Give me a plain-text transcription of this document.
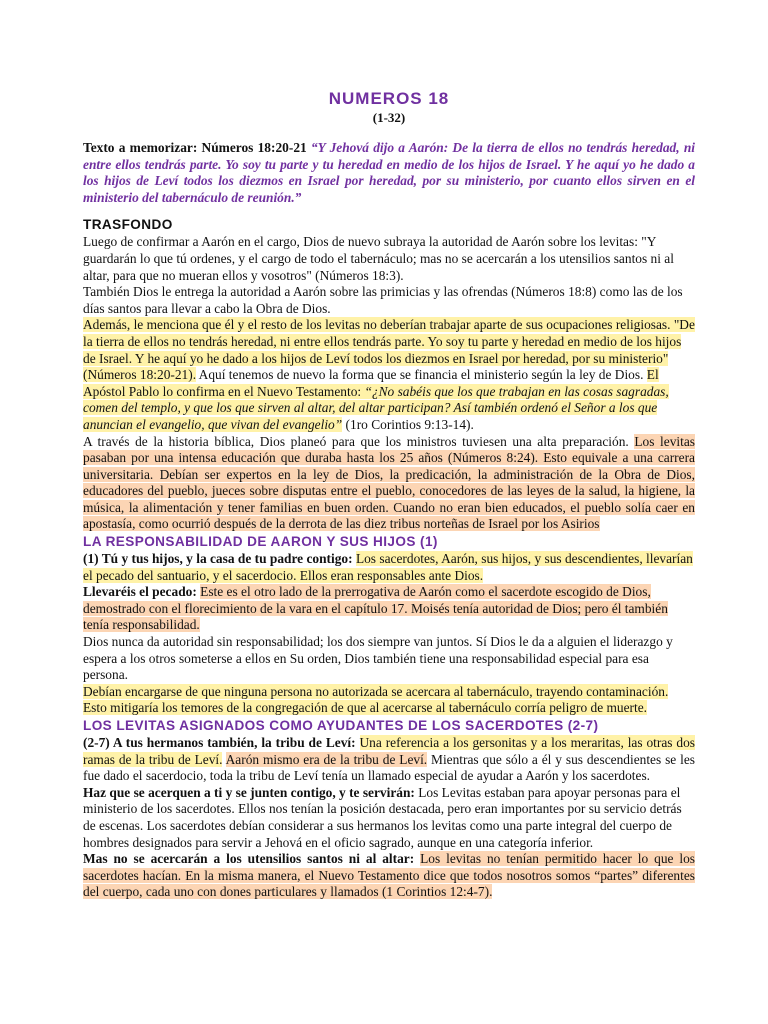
NUMEROS 18

(1-32)

Texto a memorizar: Números 18:20-21 “Y Jehová dijo a Aarón: De la tierra de ellos no tendrás heredad, ni entre ellos tendrás parte. Yo soy tu parte y tu heredad en medio de los hijos de Israel. Y he aquí yo he dado a los hijos de Leví todos los diezmos en Israel por heredad, por su ministerio, por cuanto ellos sirven en el ministerio del tabernáculo de reunión.”

TRASFONDO

Luego de confirmar a Aarón en el cargo, Dios de nuevo subraya la autoridad de Aarón sobre los levitas: "Y guardarán lo que tú ordenes, y el cargo de todo el tabernáculo; mas no se acercarán a los utensilios santos ni al altar, para que no mueran ellos y vosotros" (Números 18:3).

También Dios le entrega la autoridad a Aarón sobre las primicias y las ofrendas (Números 18:8) como las de los días santos para llevar a cabo la Obra de Dios.

Además, le menciona que él y el resto de los levitas no deberían trabajar aparte de sus ocupaciones religiosas. "De la tierra de ellos no tendrás heredad, ni entre ellos tendrás parte. Yo soy tu parte y heredad en medio de los hijos de Israel. Y he aquí yo he dado a los hijos de Leví todos los diezmos en Israel por heredad, por su ministerio" (Números 18:20-21). Aquí tenemos de nuevo la forma que se financia el ministerio según la ley de Dios. El Apóstol Pablo lo confirma en el Nuevo Testamento: “¿No sabéis que los que trabajan en las cosas sagradas, comen del templo, y que los que sirven al altar, del altar participan? Así también ordenó el Señor a los que anuncian el evangelio, que vivan del evangelio” (1ro Corintios 9:13-14).

A través de la historia bíblica, Dios planeó para que los ministros tuviesen una alta preparación. Los levitas pasaban por una intensa educación que duraba hasta los 25 años (Números 8:24). Esto equivale a una carrera universitaria. Debían ser expertos en la ley de Dios, la predicación, la administración de la Obra de Dios, educadores del pueblo, jueces sobre disputas entre el pueblo, conocedores de las leyes de la salud, la higiene, la música, la alimentación y tener familias en buen orden. Cuando no eran bien educados, el pueblo solía caer en apostasía, como ocurrió después de la derrota de las diez tribus norteñas de Israel por los Asirios

LA RESPONSABILIDAD DE AARON Y SUS HIJOS (1)

(1) Tú y tus hijos, y la casa de tu padre contigo: Los sacerdotes, Aarón, sus hijos, y sus descendientes, llevarían el pecado del santuario, y el sacerdocio. Ellos eran responsables ante Dios.

Llevaréis el pecado: Este es el otro lado de la prerrogativa de Aarón como el sacerdote escogido de Dios, demostrado con el florecimiento de la vara en el capítulo 17. Moisés tenía autoridad de Dios; pero él también tenía responsabilidad.

Dios nunca da autoridad sin responsabilidad; los dos siempre van juntos. Sí Dios le da a alguien el liderazgo y espera a los otros someterse a ellos en Su orden, Dios también tiene una responsabilidad especial para esa persona.

Debían encargarse de que ninguna persona no autorizada se acercara al tabernáculo, trayendo contaminación. Esto mitigaría los temores de la congregación de que al acercarse al tabernáculo corría peligro de muerte.

LOS LEVITAS ASIGNADOS COMO AYUDANTES DE LOS SACERDOTES (2-7)

(2-7) A tus hermanos también, la tribu de Leví: Una referencia a los gersonitas y a los meraritas, las otras dos ramas de la tribu de Leví. Aarón mismo era de la tribu de Leví. Mientras que sólo a él y sus descendientes se les fue dado el sacerdocio, toda la tribu de Leví tenía un llamado especial de ayudar a Aarón y los sacerdotes.

Haz que se acerquen a ti y se junten contigo, y te servirán: Los Levitas estaban para apoyar personas para el ministerio de los sacerdotes. Ellos nos tenían la posición destacada, pero eran importantes por su servicio detrás de escenas. Los sacerdotes debían considerar a sus hermanos los levitas como una parte integral del cuerpo de hombres designados para servir a Jehová en el oficio sagrado, aunque en una categoría inferior.

Mas no se acercarán a los utensilios santos ni al altar: Los levitas no tenían permitido hacer lo que los sacerdotes hacían. En la misma manera, el Nuevo Testamento dice que todos nosotros somos “partes” diferentes del cuerpo, cada uno con dones particulares y llamados (1 Corintios 12:4-7).
